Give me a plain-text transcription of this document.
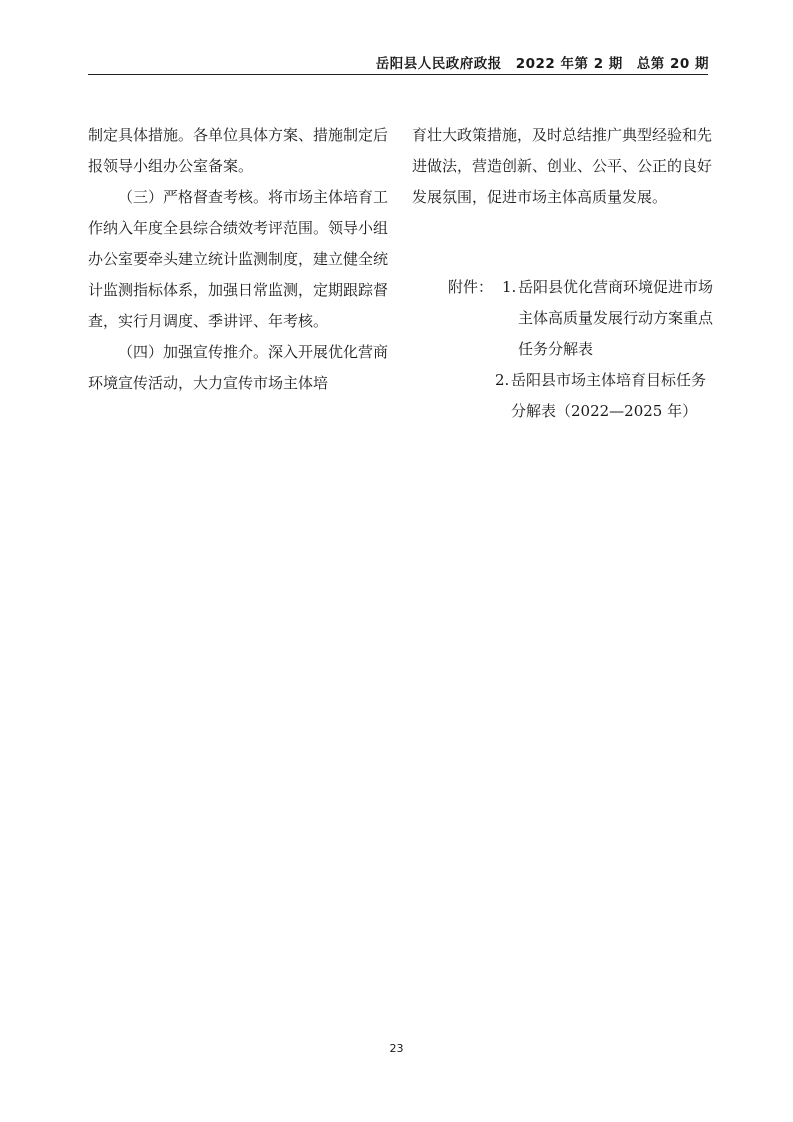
岳阳县人民政府政报　2022 年第 2 期　总第 20 期

制定具体措施。各单位具体方案、措施制定后报领导小组办公室备案。

（三）严格督查考核。将市场主体培育工作纳入年度全县综合绩效考评范围。领导小组办公室要牵头建立统计监测制度，建立健全统计监测指标体系，加强日常监测，定期跟踪督查，实行月调度、季讲评、年考核。

（四）加强宣传推介。深入开展优化营商环境宣传活动，大力宣传市场主体培

育壮大政策措施，及时总结推广典型经验和先进做法，营造创新、创业、公平、公正的良好发展氛围，促进市场主体高质量发展。

附件： 1. 岳阳县优化营商环境促进市场主体高质量发展行动方案重点任务分解表
2. 岳阳县市场主体培育目标任务分解表（2022—2025 年）
23
